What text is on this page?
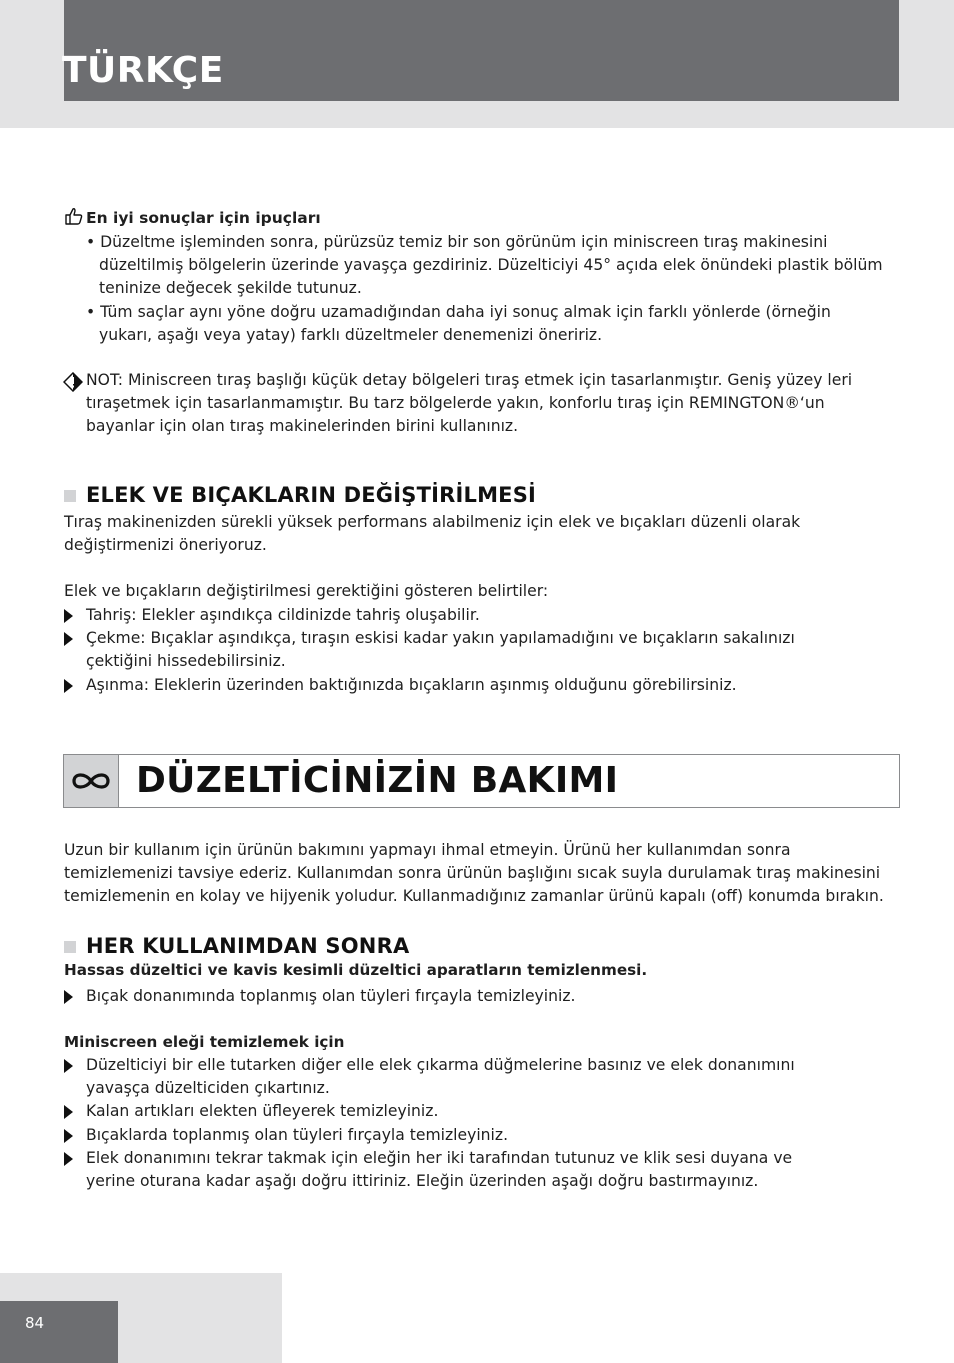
TÜRKÇE
En iyi sonuçlar için ipuçları
• Düzeltme işleminden sonra, pürüzsüz temiz bir son görünüm için miniscreen tıraş makinesini düzeltilmiş bölgelerin üzerinde yavaşça gezdiriniz. Düzelticiyi 45° açıda elek önündeki plastik bölüm teninize değecek şekilde tutunuz.
• Tüm saçlar aynı yöne doğru uzamadığından daha iyi sonuç almak için farklı yönlerde (örneğin yukarı, aşağı veya yatay) farklı düzeltmeler denemenizi öneririz.
NOT: Miniscreen tıraş başlığı küçük detay bölgeleri tıraş etmek için tasarlanmıştır. Geniş yüzey leri tıraşetmek için tasarlanmamıştır. Bu tarz bölgelerde yakın, konforlu tıraş için REMINGTON®‘un bayanlar için olan tıraş makinelerinden birini kullanınız.
ELEK VE BIÇAKLARIN DEĞİŞTİRİLMESİ
Tıraş makinenizden sürekli yüksek performans alabilmeniz için elek ve bıçakları düzenli olarak değiştirmenizi öneriyoruz.
Elek ve bıçakların değiştirilmesi gerektiğini gösteren belirtiler:
Tahriş: Elekler aşındıkça cildinizde tahriş oluşabilir.
Çekme: Bıçaklar aşındıkça, tıraşın eskisi kadar yakın yapılamadığını ve bıçakların sakalınızı çektiğini hissedebilirsiniz.
Aşınma: Eleklerin üzerinden baktığınızda bıçakların aşınmış olduğunu görebilirsiniz.
DÜZELTİCİNİZİN BAKIMI
Uzun bir kullanım için ürünün bakımını yapmayı ihmal etmeyin. Ürünü her kullanımdan sonra temizlemenizi tavsiye ederiz. Kullanımdan sonra ürünün başlığını sıcak suyla durulamak tıraş makinesini temizlemenin en kolay ve hijyenik yoludur. Kullanmadığınız zamanlar ürünü kapalı (off) konumda bırakın.
HER KULLANIMDAN SONRA
Hassas düzeltici ve kavis kesimli düzeltici aparatların temizlenmesi.
Bıçak donanımında toplanmış olan tüyleri fırçayla temizleyiniz.
Miniscreen eleği temizlemek için
Düzelticiyi bir elle tutarken diğer elle elek çıkarma düğmelerine basınız ve elek donanımını yavaşça düzelticiden çıkartınız.
Kalan artıkları elekten üfleyerek temizleyiniz.
Bıçaklarda toplanmış olan tüyleri fırçayla temizleyiniz.
Elek donanımını tekrar takmak için eleğin her iki tarafından tutunuz ve klik sesi duyana ve yerine oturana kadar aşağı doğru ittiriniz. Eleğin üzerinden aşağı doğru bastırmayınız.
84
